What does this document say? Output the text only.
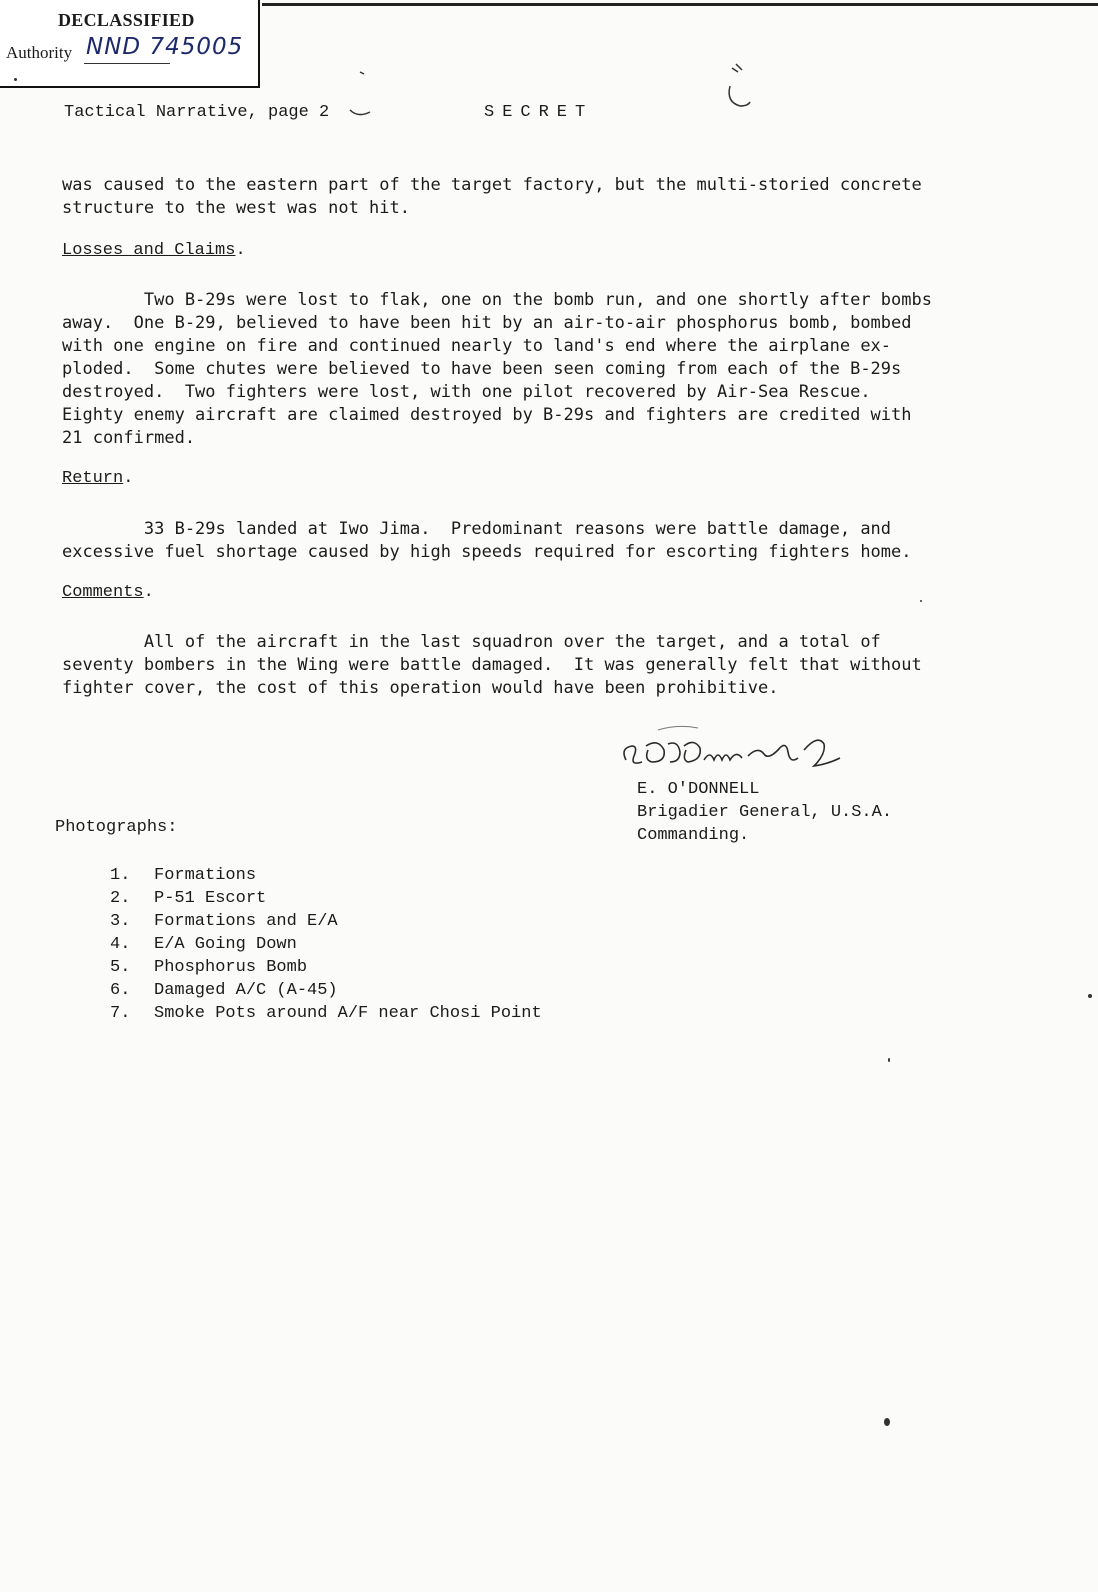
DECLASSIFIED
Authority NND 745005
Tactical Narrative, page 2	SECRET
was caused to the eastern part of the target factory, but the multi-storied concrete
structure to the west was not hit.
Losses and Claims.
Two B-29s were lost to flak, one on the bomb run, and one shortly after bombs
away.  One B-29, believed to have been hit by an air-to-air phosphorus bomb, bombed
with one engine on fire and continued nearly to land's end where the airplane ex-
ploded.  Some chutes were believed to have been seen coming from each of the B-29s
destroyed.  Two fighters were lost, with one pilot recovered by Air-Sea Rescue.
Eighty enemy aircraft are claimed destroyed by B-29s and fighters are credited with
21 confirmed.
Return.
33 B-29s landed at Iwo Jima.  Predominant reasons were battle damage, and
excessive fuel shortage caused by high speeds required for escorting fighters home.
Comments.
All of the aircraft in the last squadron over the target, and a total of
seventy bombers in the Wing were battle damaged.  It was generally felt that without
fighter cover, the cost of this operation would have been prohibitive.
E. O'DONNELL
Brigadier General, U.S.A.
Commanding.
Photographs:
1.	Formations
2.	P-51 Escort
3.	Formations and E/A
4.	E/A Going Down
5.	Phosphorus Bomb
6.	Damaged A/C (A-45)
7.	Smoke Pots around A/F near Chosi Point
